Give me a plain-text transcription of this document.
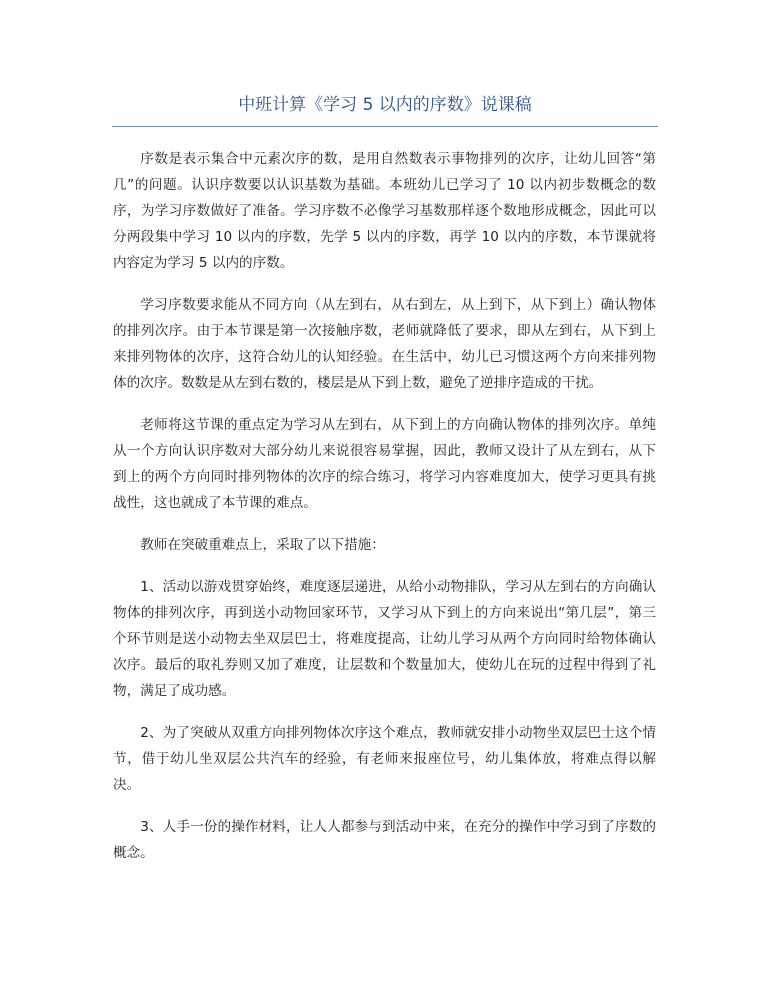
中班计算《学习 5 以内的序数》说课稿

序数是表示集合中元素次序的数，是用自然数表示事物排列的次序，让幼儿回答“第几”的问题。认识序数要以认识基数为基础。本班幼儿已学习了 10 以内初步数概念的数序，为学习序数做好了准备。学习序数不必像学习基数那样逐个数地形成概念，因此可以分两段集中学习 10 以内的序数，先学 5 以内的序数，再学 10 以内的序数，本节课就将内容定为学习 5 以内的序数。

学习序数要求能从不同方向（从左到右，从右到左，从上到下，从下到上）确认物体的排列次序。由于本节课是第一次接触序数，老师就降低了要求，即从左到右，从下到上来排列物体的次序，这符合幼儿的认知经验。在生活中，幼儿已习惯这两个方向来排列物体的次序。数数是从左到右数的，楼层是从下到上数，避免了逆排序造成的干扰。

老师将这节课的重点定为学习从左到右，从下到上的方向确认物体的排列次序。单纯从一个方向认识序数对大部分幼儿来说很容易掌握，因此，教师又设计了从左到右，从下到上的两个方向同时排列物体的次序的综合练习，将学习内容难度加大，使学习更具有挑战性，这也就成了本节课的难点。

教师在突破重难点上，采取了以下措施：

1、活动以游戏贯穿始终，难度逐层递进，从给小动物排队，学习从左到右的方向确认物体的排列次序，再到送小动物回家环节，又学习从下到上的方向来说出“第几层”，第三个环节则是送小动物去坐双层巴士，将难度提高，让幼儿学习从两个方向同时给物体确认次序。最后的取礼券则又加了难度，让层数和个数量加大，使幼儿在玩的过程中得到了礼物，满足了成功感。

2、为了突破从双重方向排列物体次序这个难点，教师就安排小动物坐双层巴士这个情节，借于幼儿坐双层公共汽车的经验，有老师来报座位号，幼儿集体放，将难点得以解决。

3、人手一份的操作材料，让人人都参与到活动中来，在充分的操作中学习到了序数的概念。
